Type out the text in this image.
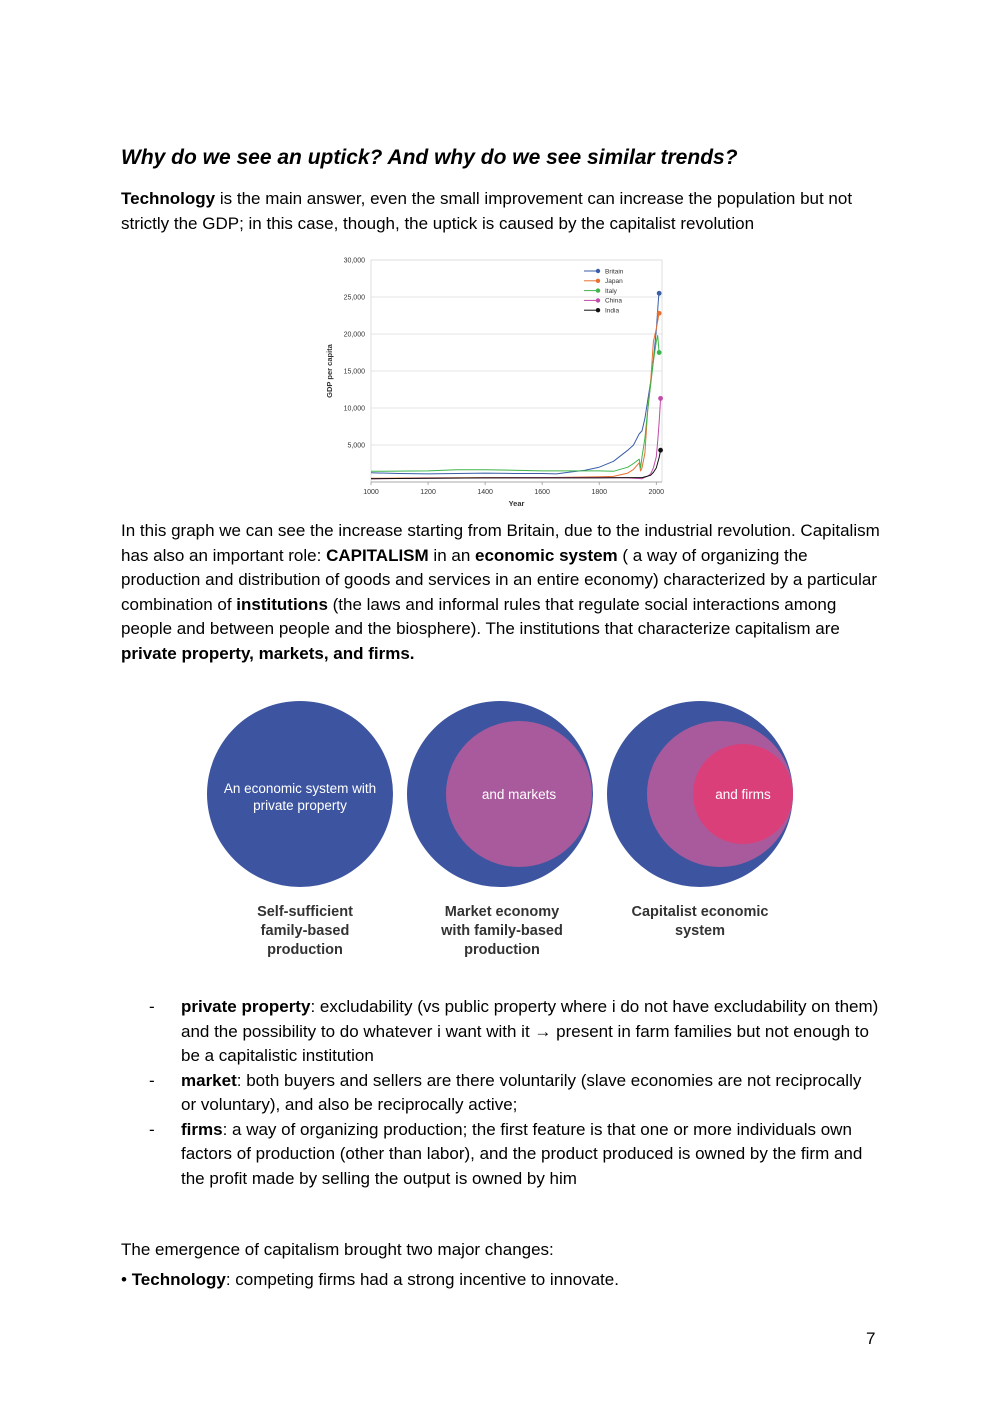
Why do we see an uptick? And why do we see similar trends?

Technology is the main answer, even the small improvement can increase the population but not strictly the GDP; in this case, though, the uptick is caused by the capitalist revolution

5,000
10,000
15,000
20,000
25,000
30,000
1000	1200	1400	1600	1800	2000
Year
GDP per capita
Britain
Japan
Italy
China
India

In this graph we can see the increase starting from Britain, due to the industrial revolution. Capitalism has also an important role: CAPITALISM in an economic system ( a way of organizing the production and distribution of goods and services in an entire economy) characterized by a particular combination of institutions (the laws and informal rules that regulate social interactions among people and between people and the biosphere). The institutions that characterize capitalism are private property, markets, and firms.

An economic system with
private property
and markets	and firms
Self-sufficient
family-based
production
Market economy
with family-based
production
Capitalist economic
system

- private property: excludability (vs public property where i do not have excludability on them) and the possibility to do whatever i want with it → present in farm families but not enough to be a capitalistic institution

- market: both buyers and sellers are there voluntarily (slave economies are not reciprocally or voluntary), and also be reciprocally active;

- firms: a way of organizing production; the first feature is that one or more individuals own factors of production (other than labor), and the product produced is owned by the firm and the profit made by selling the output is owned by him

The emergence of capitalism brought two major changes:

• Technology: competing firms had a strong incentive to innovate.

7
